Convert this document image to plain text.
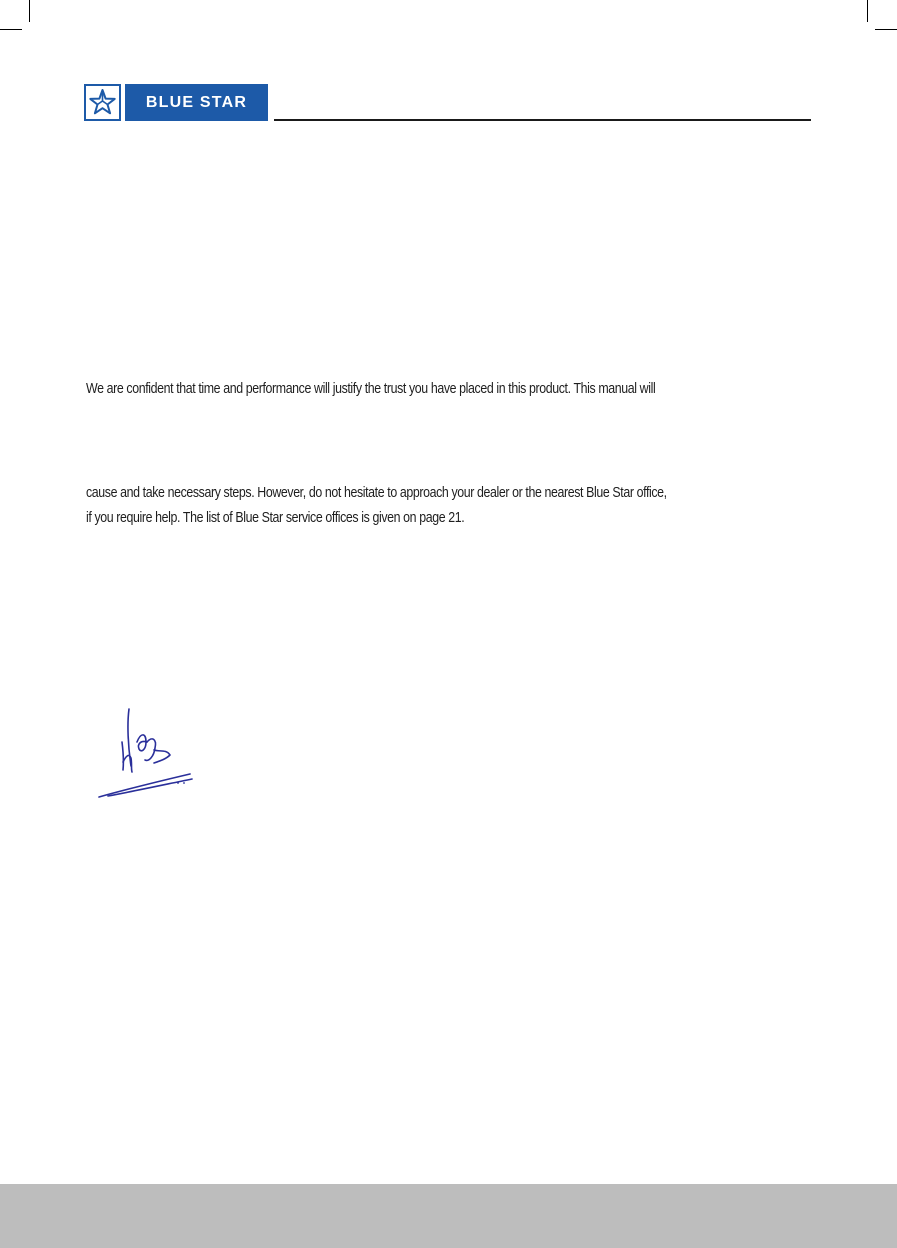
BLUE STAR

We are confident that time and performance will justify the trust you have placed in this product. This manual will

cause and take necessary steps. However, do not hesitate to approach your dealer or the nearest Blue Star office,
if you require help. The list of Blue Star service offices is given on page 21.
